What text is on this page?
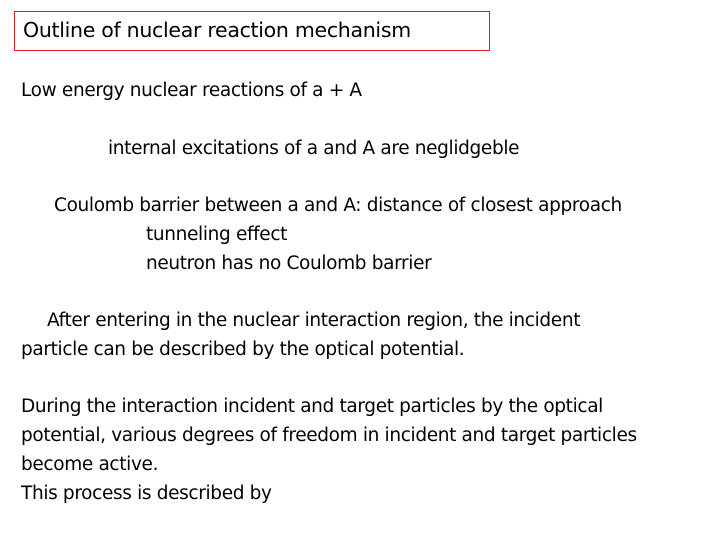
Outline of nuclear reaction mechanism
Low energy nuclear reactions of a + A
internal excitations of a and A are neglidgeble
Coulomb barrier between a and A: distance of closest approach
tunneling effect
neutron has no Coulomb barrier
After entering in the nuclear interaction region, the incident
particle can be described by the optical potential.
During the interaction incident and target particles by the optical
potential, various degrees of freedom in incident and target particles
become active.
This process is described by
